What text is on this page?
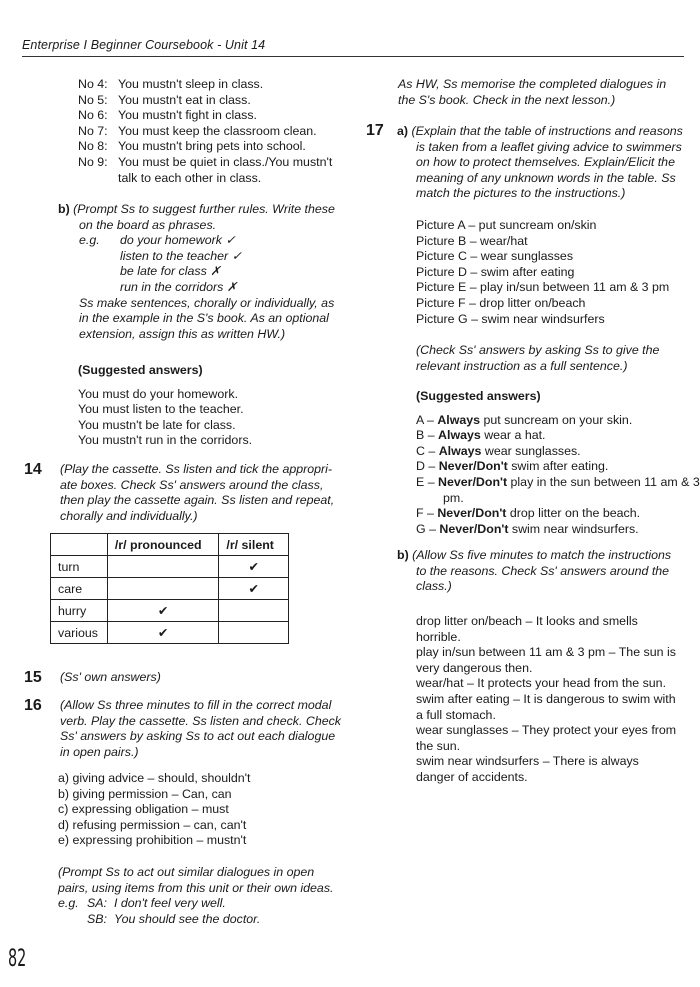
Enterprise I Beginner Coursebook - Unit 14
No 4: You mustn't sleep in class.
No 5: You mustn't eat in class.
No 6: You mustn't fight in class.
No 7: You must keep the classroom clean.
No 8: You mustn't bring pets into school.
No 9: You must be quiet in class./You mustn't
talk to each other in class.
b) (Prompt Ss to suggest further rules. Write these
on the board as phrases.
e.g. do your homework ✓
listen to the teacher ✓
be late for class ✗
run in the corridors ✗
Ss make sentences, chorally or individually, as
in the example in the S's book. As an optional
extension, assign this as written HW.)
(Suggested answers)
You must do your homework.
You must listen to the teacher.
You mustn't be late for class.
You mustn't run in the corridors.
14 (Play the cassette. Ss listen and tick the appropri-
ate boxes. Check Ss' answers around the class,
then play the cassette again. Ss listen and repeat,
chorally and individually.)
	/r/ pronounced	/r/ silent
turn		✔
care		✔
hurry	✔	
various	✔	
15 (Ss' own answers)
16 (Allow Ss three minutes to fill in the correct modal
verb. Play the cassette. Ss listen and check. Check
Ss' answers by asking Ss to act out each dialogue
in open pairs.)
a) giving advice – should, shouldn't
b) giving permission – Can, can
c) expressing obligation – must
d) refusing permission – can, can't
e) expressing prohibition – mustn't
(Prompt Ss to act out similar dialogues in open
pairs, using items from this unit or their own ideas.
e.g. SA: I don't feel very well.
SB: You should see the doctor.
82
As HW, Ss memorise the completed dialogues in
the S's book. Check in the next lesson.)
17 a) (Explain that the table of instructions and reasons
is taken from a leaflet giving advice to swimmers
on how to protect themselves. Explain/Elicit the
meaning of any unknown words in the table. Ss
match the pictures to the instructions.)
Picture A – put suncream on/skin
Picture B – wear/hat
Picture C – wear sunglasses
Picture D – swim after eating
Picture E – play in/sun between 11 am & 3 pm
Picture F – drop litter on/beach
Picture G – swim near windsurfers
(Check Ss' answers by asking Ss to give the
relevant instruction as a full sentence.)
(Suggested answers)
A – Always put suncream on your skin.
B – Always wear a hat.
C – Always wear sunglasses.
D – Never/Don't swim after eating.
E – Never/Don't play in the sun between 11 am & 3 pm.
F – Never/Don't drop litter on the beach.
G – Never/Don't swim near windsurfers.
b) (Allow Ss five minutes to match the instructions
to the reasons. Check Ss' answers around the
class.)
drop litter on/beach – It looks and smells horrible.
play in/sun between 11 am & 3 pm – The sun is very dangerous then.
wear/hat – It protects your head from the sun.
swim after eating – It is dangerous to swim with a full stomach.
wear sunglasses – They protect your eyes from the sun.
swim near windsurfers – There is always danger of accidents.
